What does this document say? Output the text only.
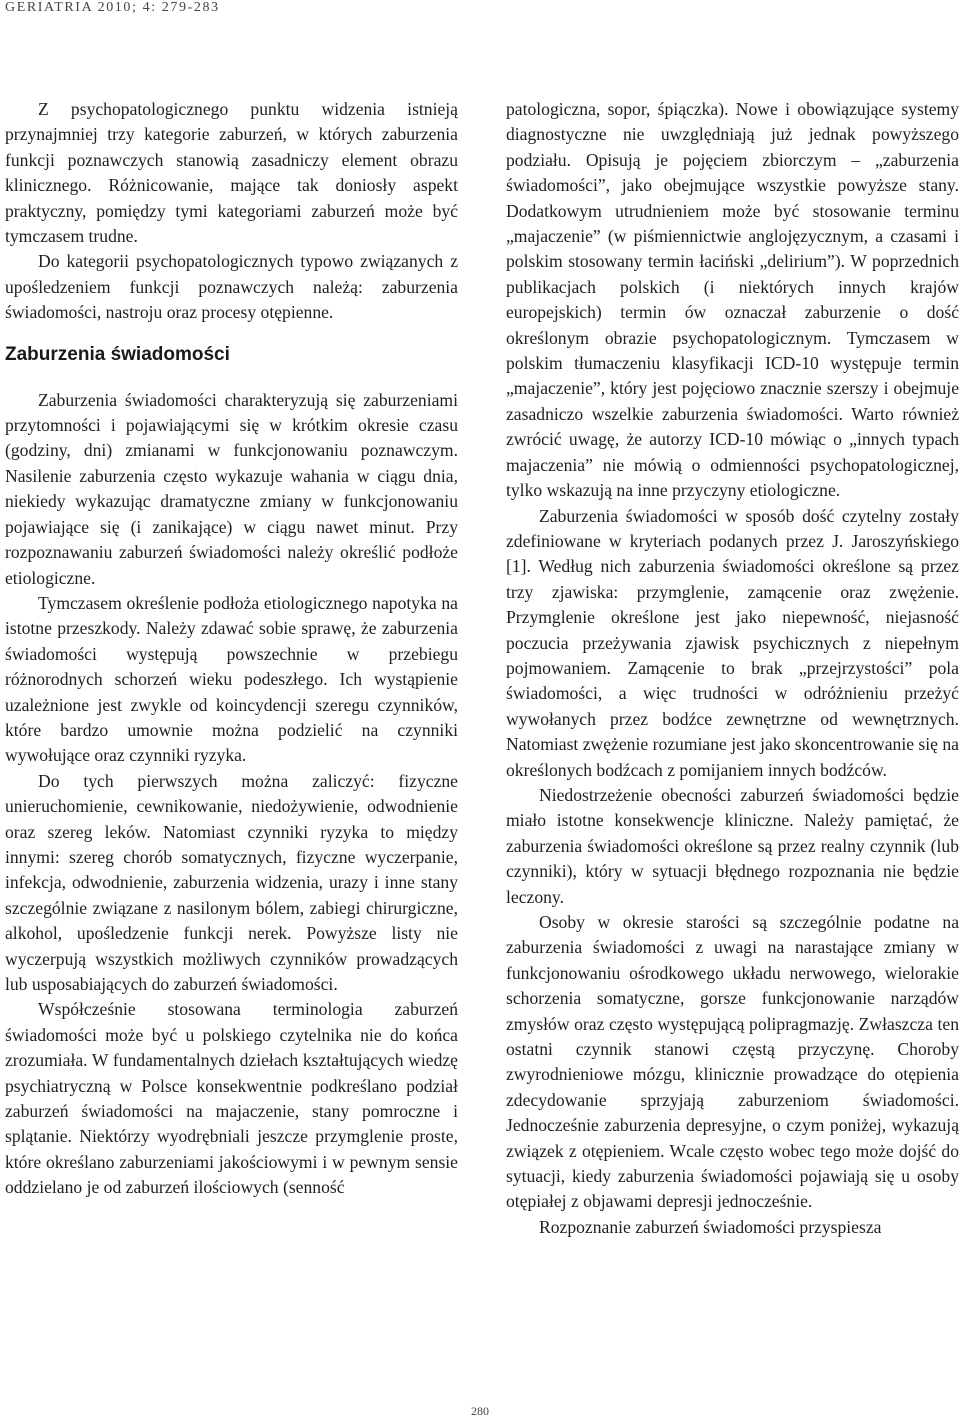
GERIATRIA 2010; 4: 279-283

Z psychopatologicznego punktu widzenia istnieją przynajmniej trzy kategorie zaburzeń, w których zaburzenia funkcji poznawczych stanowią zasadniczy element obrazu klinicznego. Różnicowanie, mające tak doniosły aspekt praktyczny, pomiędzy tymi kategoriami zaburzeń może być tymczasem trudne.

Do kategorii psychopatologicznych typowo związanych z upośledzeniem funkcji poznawczych należą: zaburzenia świadomości, nastroju oraz procesy otępienne.

Zaburzenia świadomości

Zaburzenia świadomości charakteryzują się zaburzeniami przytomności i pojawiającymi się w krótkim okresie czasu (godziny, dni) zmianami w funkcjonowaniu poznawczym. Nasilenie zaburzenia często wykazuje wahania w ciągu dnia, niekiedy wykazując dramatyczne zmiany w funkcjonowaniu pojawiające się (i zanikające) w ciągu nawet minut. Przy rozpoznawaniu zaburzeń świadomości należy określić podłoże etiologiczne.

Tymczasem określenie podłoża etiologicznego napotyka na istotne przeszkody. Należy zdawać sobie sprawę, że zaburzenia świadomości występują powszechnie w przebiegu różnorodnych schorzeń wieku podeszłego. Ich wystąpienie uzależnione jest zwykle od koincydencji szeregu czynników, które bardzo umownie można podzielić na czynniki wywołujące oraz czynniki ryzyka.

Do tych pierwszych można zaliczyć: fizyczne unieruchomienie, cewnikowanie, niedożywienie, odwodnienie oraz szereg leków. Natomiast czynniki ryzyka to między innymi: szereg chorób somatycznych, fizyczne wyczerpanie, infekcja, odwodnienie, zaburzenia widzenia, urazy i inne stany szczególnie związane z nasilonym bólem, zabiegi chirurgiczne, alkohol, upośledzenie funkcji nerek. Powyższe listy nie wyczerpują wszystkich możliwych czynników prowadzących lub usposabiających do zaburzeń świadomości.

Współcześnie stosowana terminologia zaburzeń świadomości może być u polskiego czytelnika nie do końca zrozumiała. W fundamentalnych dziełach kształtujących wiedzę psychiatryczną w Polsce konsekwentnie podkreślano podział zaburzeń świadomości na majaczenie, stany pomroczne i splątanie. Niektórzy wyodrębniali jeszcze przymglenie proste, które określano zaburzeniami jakościowymi i w pewnym sensie oddzielano je od zaburzeń ilościowych (senność

patologiczna, sopor, śpiączka). Nowe i obowiązujące systemy diagnostyczne nie uwzględniają już jednak powyższego podziału. Opisują je pojęciem zbiorczym – „zaburzenia świadomości”, jako obejmujące wszystkie powyższe stany. Dodatkowym utrudnieniem może być stosowanie terminu „majaczenie” (w piśmiennictwie anglojęzycznym, a czasami i polskim stosowany termin łaciński „delirium”). W poprzednich publikacjach polskich (i niektórych innych krajów europejskich) termin ów oznaczał zaburzenie o dość określonym obrazie psychopatologicznym. Tymczasem w polskim tłumaczeniu klasyfikacji ICD-10 występuje termin „majaczenie”, który jest pojęciowo znacznie szerszy i obejmuje zasadniczo wszelkie zaburzenia świadomości. Warto również zwrócić uwagę, że autorzy ICD-10 mówiąc o „innych typach majaczenia” nie mówią o odmienności psychopatologicznej, tylko wskazują na inne przyczyny etiologiczne.

Zaburzenia świadomości w sposób dość czytelny zostały zdefiniowane w kryteriach podanych przez J. Jaroszyńskiego [1]. Według nich zaburzenia świadomości określone są przez trzy zjawiska: przymglenie, zamącenie oraz zwężenie. Przymglenie określone jest jako niepewność, niejasność poczucia przeżywania zjawisk psychicznych z niepełnym pojmowaniem. Zamącenie to brak „przejrzystości” pola świadomości, a więc trudności w odróżnieniu przeżyć wywołanych przez bodźce zewnętrzne od wewnętrznych. Natomiast zwężenie rozumiane jest jako skoncentrowanie się na określonych bodźcach z pomijaniem innych bodźców.

Niedostrzeżenie obecności zaburzeń świadomości będzie miało istotne konsekwencje kliniczne. Należy pamiętać, że zaburzenia świadomości określone są przez realny czynnik (lub czynniki), który w sytuacji błędnego rozpoznania nie będzie leczony.

Osoby w okresie starości są szczególnie podatne na zaburzenia świadomości z uwagi na narastające zmiany w funkcjonowaniu ośrodkowego układu nerwowego, wielorakie schorzenia somatyczne, gorsze funkcjonowanie narządów zmysłów oraz często występującą polipragmazję. Zwłaszcza ten ostatni czynnik stanowi częstą przyczynę. Choroby zwyrodnieniowe mózgu, klinicznie prowadzące do otępienia zdecydowanie sprzyjają zaburzeniom świadomości. Jednocześnie zaburzenia depresyjne, o czym poniżej, wykazują związek z otępieniem. Wcale często wobec tego może dojść do sytuacji, kiedy zaburzenia świadomości pojawiają się u osoby otępiałej z objawami depresji jednocześnie.

Rozpoznanie zaburzeń świadomości przyspiesza

280
